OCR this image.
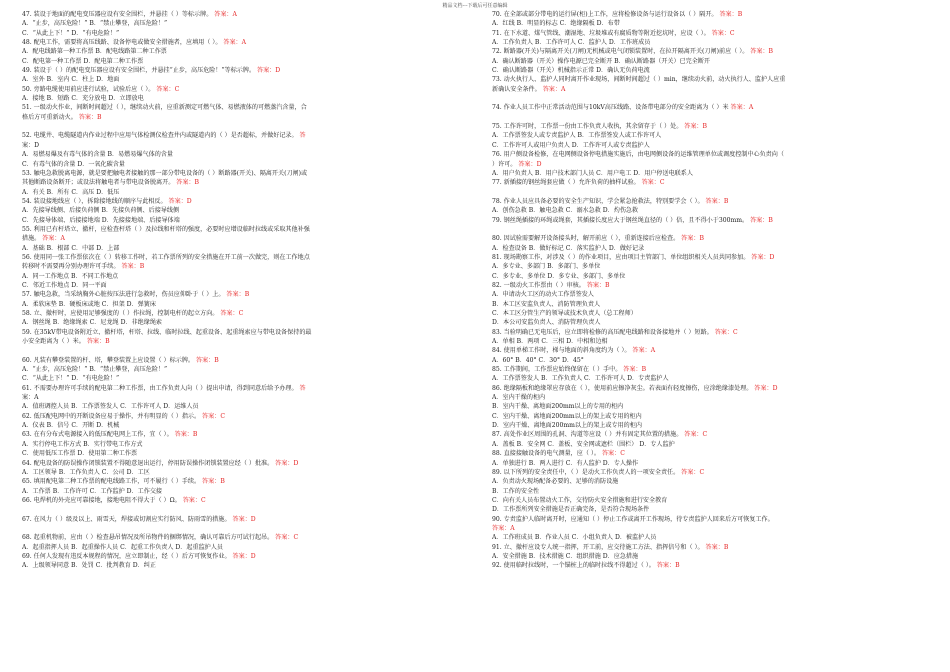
精品文档---下载后可任意编辑
47. 装设于地面的配电变压器应设有安全围栏，并悬挂（ ）等标示牌。 答案：A
A．“止步，高压危险！” B．“禁止攀登，高压危险！”
C．“从此上下！” D．“有电危险！”
48. 配电工作，需要将高压线路、设备停电或做安全措施者，应填用（ ）。 答案：A
A．配电线路第一种工作票 B．配电线路第二种工作票
C．配电第一种工作票 D．配电第二种工作票
49. 装设于（ ）的配电变压器应设有安全围栏，并悬挂“止步，高压危险！”等标示牌。 答案：D
A．室外 B．室内 C．柱上 D．地面
50. 旁路电缆使用前应进行试验，试验后应（ ）。 答案：C
A．接地 B．短路 C．充分放电 D．立即放电
51. 一级动火作业，间断时间超过（ ），继续动火前，应重新测定可燃气体、易燃液体的可燃蒸汽含量，合
格后方可重新动火。 答案：B
52. 电缆井、电缆隧道内作业过程中应用气体检测仪检查井内或隧道内的（ ）是否超标，并做好记录。 答
案：D
A．易燃易爆及有毒气体的含量 B．易燃易爆气体的含量
C．有毒气体的含量 D．一氧化碳含量
53. 触电急救脱离电源，就是要把触电者接触的那一部分带电设备的（ ）断路器(开关)、隔离开关(刀闸)或
其他断路设备断开；或设法将触电者与带电设备脱离开。 答案：B
A．有关 B．所有 C．高压 D．低压
54. 装设接地线应（ ），拆除接地线的顺序与此相反。 答案：D
A．先接导线侧、后接负荷侧 B．先接负荷侧、后接导线侧
C．先接导体端、后接接地端 D．先接接地端、后接导体端
55. 利用已有杆塔立、撤杆，应检查杆塔（ ）及拉线和杆塔的强度，必要时应增设临时拉线或采取其他补强
措施。 答案：A
A．基础 B．根部 C．中部 D．上部
56. 使用同一张工作票依次在（ ）转移工作时，若工作票所列的安全措施在开工前一次做完，则在工作地点
转移时不需要再分别办理许可手续。 答案：B
A．同一工作地点 B．不同工作地点
C．邻近工作地点 D．同一平面
57. 触电急救，当采纳胸外心脏按压法进行急救时，伤员应仰卧于（ ）上。 答案：B
A．柔软床垫 B．硬板床或地 C．担架 D．弹簧床
58. 立、撤杆时，应使用足够强度的（ ）作拉绳，控制电杆的起立方向。 答案：C
A．钢丝绳 B．绝缘绳索 C．尼龙绳 D．非绝缘绳索
59. 在35kV带电设备附近立、撤杆塔，杆塔、拉线、临时拉线、起重设备、起重绳索应与带电设备保持的最
小安全距离为（ ）米。 答案：B
60. 凡装有攀登装置的杆、塔，攀登装置上应设置（ ）标示牌。 答案：B
A．“止步，高压危险！” B．“禁止攀登，高压危险！”
C．“从此上下！” D．“有电危险！”
61. 不需要办理许可手续的配电第二种工作票，由工作负责人向（ ）提出申请，得到同意后给予办理。 答
案：A
A．值班调控人员 B．工作票签发人 C．工作许可人 D．运维人员
62. 低压配电网中的开断设备应易于操作，并有明显的（ ）指示。 答案：C
A．仪表 B．信号 C．开断 D．机械
63. 在有分布式电源接入的低压配电网上工作，宜（ ）。 答案：B
A．实行停电工作方式 B．实行带电工作方式
C．使用低压工作票 D．使用第二种工作票
64. 配电设备的防误操作闭锁装置不得随意退出运行，停用防误操作闭锁装置应经（ ）批准。 答案：D
A．工区领导 B．工作负责人 C．公司 D．工区
65. 填用配电第二种工作票的配电线路工作，可不履行（ ）手续。 答案：B
A．工作票 B．工作许可 C．工作监护 D．工作交接
66. 电焊机的外壳应可靠接地，接地电阻不得大于（ ）Ω。 答案：C
67. 在风力（ ）级及以上、雨雪天，焊接或切割应实行防风、防雨雪的措施。 答案：D
68. 起重机物前，应由（ ）检查悬吊情况及所吊物件的捆绑情况，确认可靠后方可试行起吊。 答案：C
A．起重指挥人员 B．起重操作人员 C．起重工作负责人 D．起重监护人员
69. 任何人发现有违反本规程的情况，应立即制止，经（ ）后方可恢复作业。 答案：D
A．上级领导同意 B．处罚 C．批判教育 D．纠正
70. 在全部或部分带电的运行屏(柜)上工作，应将检修设备与运行设备以（ ）隔开。 答案：B
A．红线 B．明显的标志 C．绝缘隔板 D．布带
71. 在下水道、煤气管线、潮湿地、垃圾堆或有腐质物等附近挖坑时，应设（ ）。 答案：C
A．工作负责人 B．工作许可人 C．监护人 D．工作班成员
72. 断路器(开关)与隔离开关(刀闸)无机械或电气闭锁装置时，在拉开隔离开关(刀闸)前应（ ）。 答案：B
A．确认断路器（开关）操作电源已完全断开 B．确认断路器（开关）已完全断开
C．确认断路器（开关）机械指示正常 D．确认无负荷电流
73. 动火执行人、监护人同时离开作业现场，间断时间超过（ ）min，继续动火前，动火执行人、监护人应重
新确认安全条件。 答案：A
74. 作业人员工作中正常活动范围与10kV高压线路、设备带电部分的安全距离为（ ）米 答案：A
75. 工作许可时，工作票一份由工作负责人收执，其余留存于（ ）处。 答案：B
A．工作票签发人或专责监护人 B．工作票签发人或工作许可人
C．工作许可人或用户负责人 D．工作许可人或专责监护人
76. 用户侧设备检修，在电网侧设备停电措施实施后，由电网侧设备的运维管理单位或调度控制中心负责向（
）许可。 答案：D
A．用户负责人 B．用户技术部门人员 C．用户电工 D．用户停送电联系人
77. 新插接的钢丝绳套应做（ ）允许负荷的抽样试验。 答案：C
78. 作业人员应具备必要的安全生产知识，学会紧急抢救法，特别要学会（ ）。 答案：B
A．创伤急救 B．触电急救 C．溺水急救 D．灼伤急救
79. 钢丝绳插接的环绳或绳套，其插接长度应大于钢丝绳直径的（ ）倍，且不得小于300mm。 答案：B
80. 因试验需要解开设备接头时，解开前应（ ），重新连接后应检查。 答案：B
A．检查设备 B．做好标记 C．落实监护人 D．做好记录
81. 现场勘察工作，对涉及（ ）的作业项目，应由项目主管部门、单位组织相关人员共同参加。 答案：D
A．多专业、多部门 B．多部门、多单位
C．多专业、多单位 D．多专业、多部门、多单位
82. 一级动火工作票由（ ）审核。 答案：B
A．申请动火工区的动火工作票签发人
B．本工区安监负责人、消防管理负责人
C．本工区分管生产的领导或技术负责人（总工程师）
D．本公司安监负责人、消防管理负责人
83. 当验明确已无电压后，应立即将检修的高压配电线路和设备接地并（ ）短路。 答案：C
A．单相 B．两项 C．三相 D．中相和边相
84. 使用单梯工作时，梯与地面的斜角度约为（ ）。 答案：A
A．60° B．40° C．30° D．45°
85. 工作期间，工作票应始终保留在（ ）手中。 答案：B
A．工作票签发人 B．工作负责人 C．工作许可人 D．专责监护人
86. 绝缘隔板和绝缘罩应存放在（ ），使用前应擦净灰尘。若表面有轻度擦伤，应涂绝缘漆处理。 答案：D
A．室内干燥的柜内
B．室内干燥、离地面200mm以上的专用的柜内
C．室内干燥、离地面200mm以上的架上或专用的柜内
D．室内干燥、离地面200mm以上的架上或专用的柜内
87. 高处作业区周围的孔洞、沟道等应设（ ）并有固定其位置的措施。 答案：C
A．盖板 B．安全网 C．盖板、安全网或遮栏（围栏） D．专人监护
88. 直接接触设备的电气测量，应（ ）。 答案：C
A．单独进行 B．两人进行 C．有人监护 D．专人操作
89. 以下所列的安全责任中，（ ）是动火工作负责人的一项安全责任。 答案：C
A．负责动火现场配备必要的、足够的消防设施
B．工作的安全性
C．向有关人员布置动火工作，交待防火安全措施和进行安全教育
D．工作票所列安全措施是否正确完备，是否符合现场条件
90. 专责监护人临时离开时，应通知（ ）停止工作或离开工作现场，待专责监护人回来后方可恢复工作。
答案：A
A．工作班成员 B．作业人员 C．小组负责人 D．被监护人员
91. 立、撤杆应设专人统一指挥，开工前，应交待施工方法、指挥信号和（ ）。 答案：B
A．安全措施 B．技术措施 C．组织措施 D．应急措施
92. 使用临时拉线时，一个锚桩上的临时拉线不得超过（ ）。 答案：B
